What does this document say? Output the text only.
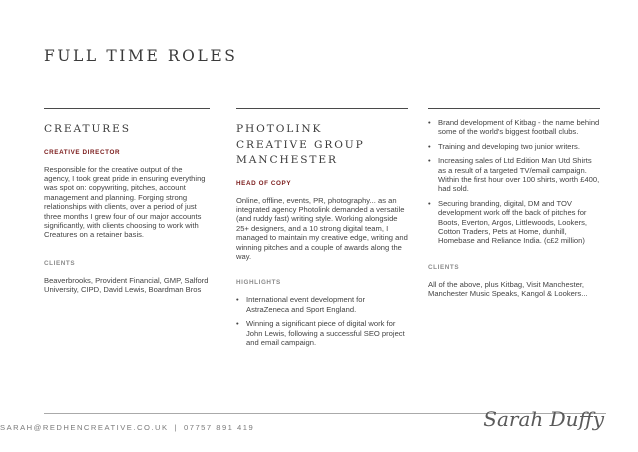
FULL TIME ROLES
CREATURES
CREATIVE DIRECTOR

Responsible for the creative output of the agency, I took great pride in ensuring everything was spot on: copywriting, pitches, account management and planning. Forging strong relationships with clients, over a period of just three months I grew four of our major accounts significantly, with clients choosing to work with Creatures on a retainer basis.

CLIENTS

Beaverbrooks, Provident Financial, GMP, Salford University, CIPD, David Lewis, Boardman Bros

PHOTOLINK
CREATIVE GROUP
MANCHESTER
HEAD OF COPY

Online, offline, events, PR, photography... as an integrated agency Photolink demanded a versatile (and ruddy fast) writing style. Working alongside 25+ designers, and a 10 strong digital team, I managed to maintain my creative edge, writing and winning pitches and a couple of awards along the way.

HIGHLIGHTS
• International event development for AstraZeneca and Sport England.
• Winning a significant piece of digital work for John Lewis, following a successful SEO project and email campaign.
• Brand development of Kitbag - the name behind some of the world's biggest football clubs.
• Training and developing two junior writers.
• Increasing sales of Ltd Edition Man Utd Shirts as a result of a targeted TV/email campaign. Within the first hour over 100 shirts, worth £400, had sold.
• Securing branding, digital, DM and TOV development work off the back of pitches for Boots, Everton, Argos, Littlewoods, Lookers, Cotton Traders, Pets at Home, dunhill, Homebase and Reliance India. (c£2 million)
CLIENTS

All of the above, plus Kitbag, Visit Manchester, Manchester Music Speaks, Kangol & Lookers...

SARAH@REDHENCREATIVE.CO.UK | 07757 891 419	Sarah Duffy
